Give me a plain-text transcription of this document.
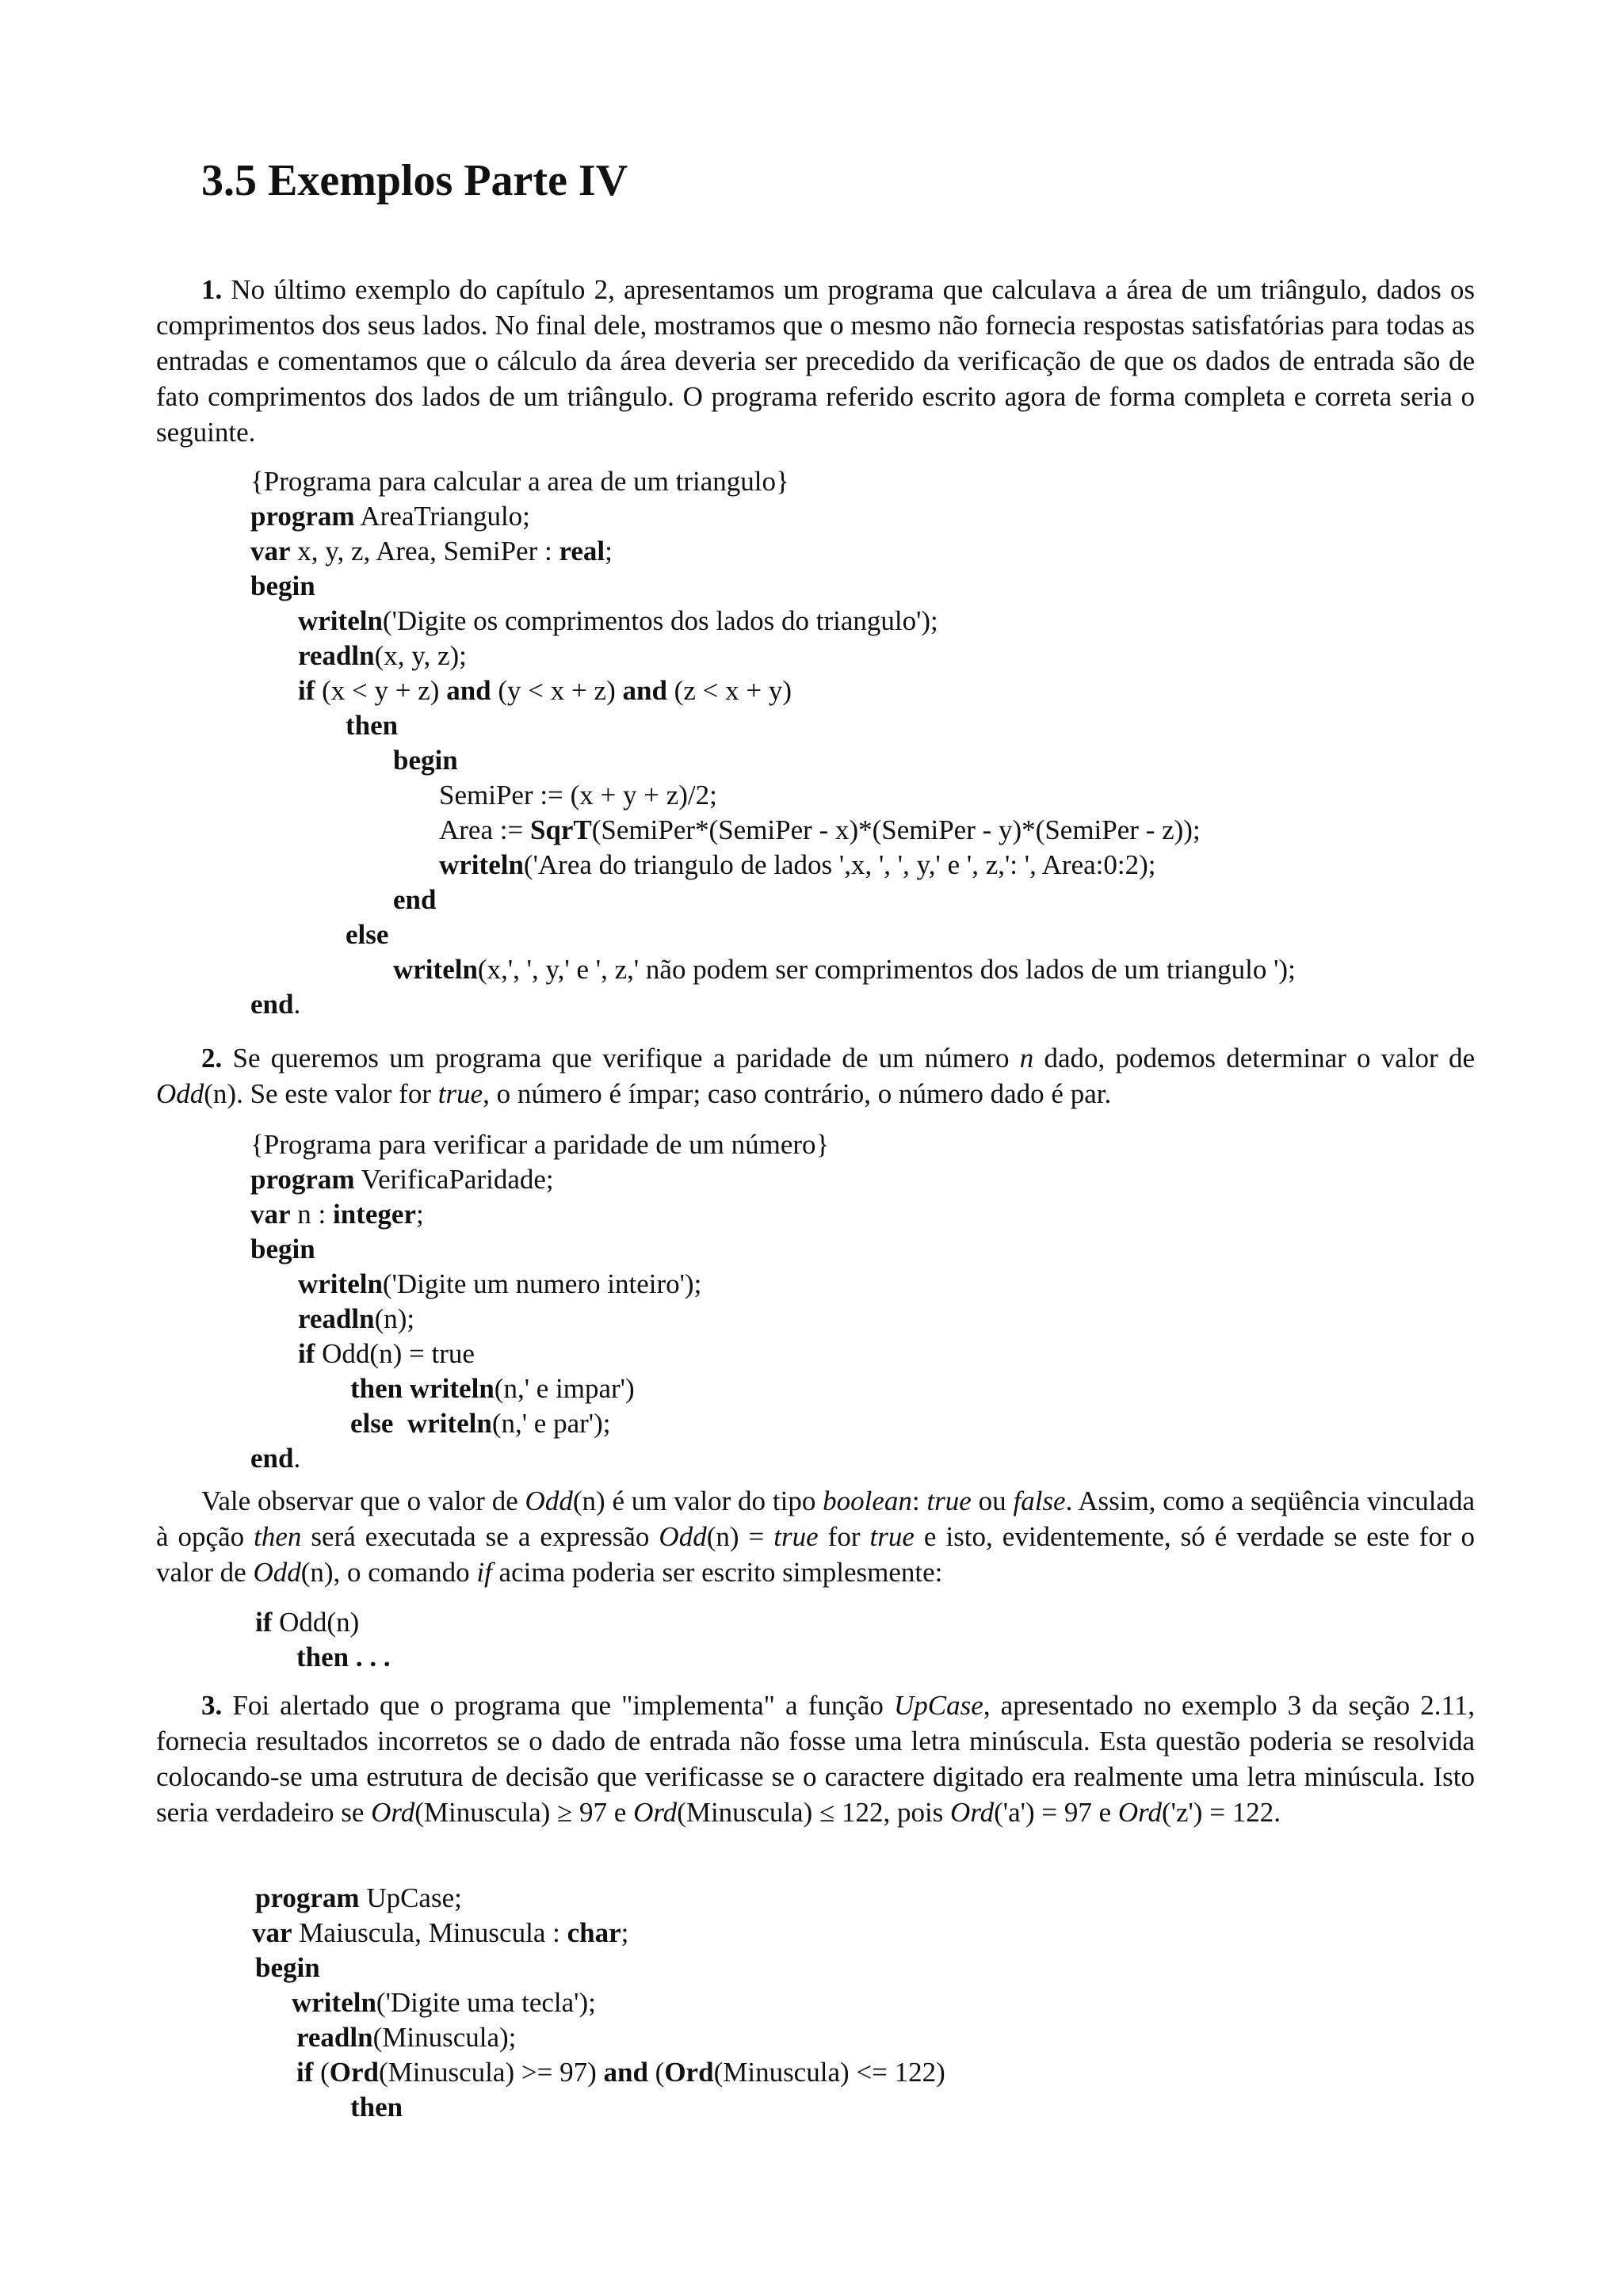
3.5 Exemplos Parte IV

1. No último exemplo do capítulo 2, apresentamos um programa que calculava a área de um triângulo, dados os comprimentos dos seus lados. No final dele, mostramos que o mesmo não fornecia respostas satisfatórias para todas as entradas e comentamos que o cálculo da área deveria ser precedido da verificação de que os dados de entrada são de fato comprimentos dos lados de um triângulo. O programa referido escrito agora de forma completa e correta seria o seguinte.

{Programa para calcular a area de um triangulo}
program AreaTriangulo;
var x, y, z, Area, SemiPer : real;
begin
writeln('Digite os comprimentos dos lados do triangulo');
readln(x, y, z);
if (x < y + z) and (y < x + z) and (z < x + y)
then
begin
SemiPer := (x + y + z)/2;
Area := SqrT(SemiPer*(SemiPer - x)*(SemiPer - y)*(SemiPer - z));
writeln('Area do triangulo de lados ',x, ', ', y,' e ', z,': ', Area:0:2);
end
else
writeln(x,', ', y,' e ', z,' não podem ser comprimentos dos lados de um triangulo ');
end.

2. Se queremos um programa que verifique a paridade de um número n dado, podemos determinar o valor de Odd(n). Se este valor for true, o número é ímpar; caso contrário, o número dado é par.

{Programa para verificar a paridade de um número}
program VerificaParidade;
var n : integer;
begin
writeln('Digite um numero inteiro');
readln(n);
if Odd(n) = true
then writeln(n,' e impar')
else  writeln(n,' e par');
end.

Vale observar que o valor de Odd(n) é um valor do tipo boolean: true ou false. Assim, como a seqüência vinculada à opção then será executada se a expressão Odd(n) = true for true e isto, evidentemente, só é verdade se este for o valor de Odd(n), o comando if acima poderia ser escrito simplesmente:

if Odd(n)
then . . .

3. Foi alertado que o programa que "implementa" a função UpCase, apresentado no exemplo 3 da seção 2.11, fornecia resultados incorretos se o dado de entrada não fosse uma letra minúscula. Esta questão poderia se resolvida colocando-se uma estrutura de decisão que verificasse se o caractere digitado era realmente uma letra minúscula. Isto seria verdadeiro se Ord(Minuscula) ≥ 97 e Ord(Minuscula) ≤ 122, pois Ord('a') = 97 e Ord('z') = 122.

program UpCase;
var Maiuscula, Minuscula : char;
begin
writeln('Digite uma tecla');
readln(Minuscula);
if (Ord(Minuscula) >= 97) and (Ord(Minuscula) <= 122)
then
